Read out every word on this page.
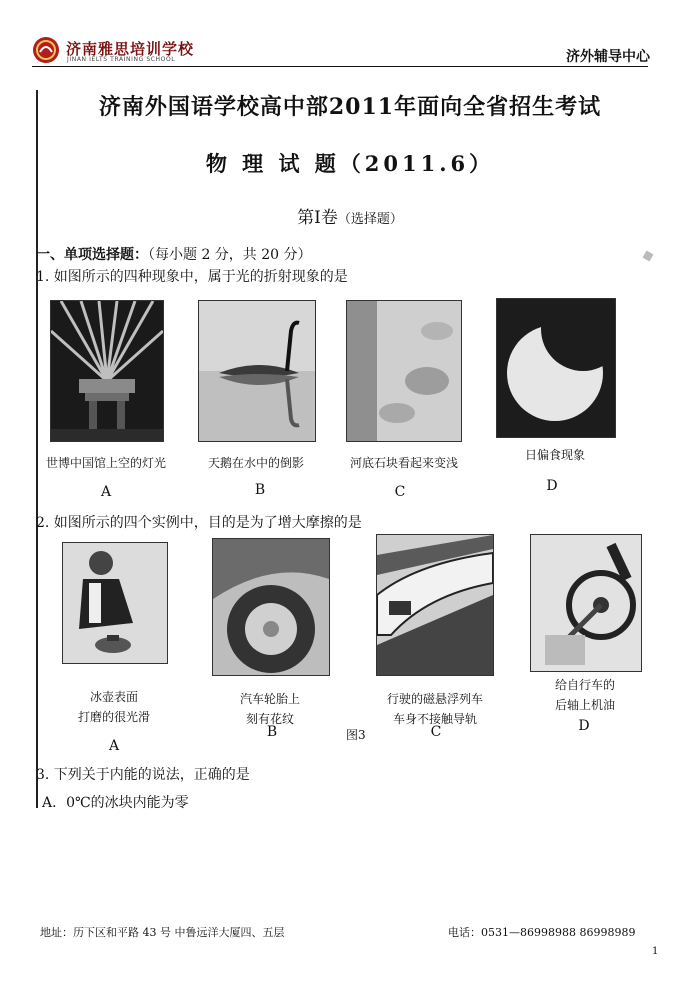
济南雅思培训学校
JINAN IELTS TRAINING SCHOOL	济外辅导中心
济南外国语学校高中部2011年面向全省招生考试
物 理 试 题（2011.6）
第Ⅰ卷（选择题）
一、单项选择题：（每小题 2 分，共 20 分）
1. 如图所示的四种现象中，属于光的折射现象的是
世博中国馆上空的灯光
A
天鹅在水中的倒影
B
河底石块看起来变浅
C
日偏食现象
D
2. 如图所示的四个实例中，目的是为了增大摩擦的是
冰壶表面
打磨的很光滑
A
汽车轮胎上
刻有花纹
B
行驶的磁悬浮列车
车身不接触导轨
C
给自行车的
后轴上机油
D
图3
3. 下列关于内能的说法，正确的是
A．0℃的冰块内能为零
地址：历下区和平路 43 号 中鲁远洋大厦四、五层	电话：0531—86998988 86998989
1
